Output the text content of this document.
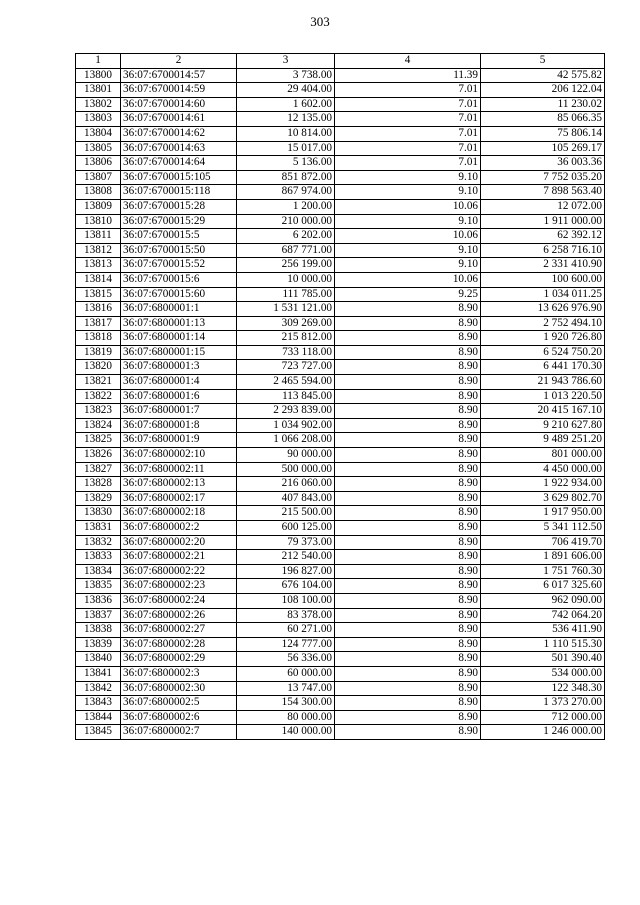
303
1	2	3	4	5
13800	36:07:6700014:57	3 738.00	11.39	42 575.82
13801	36:07:6700014:59	29 404.00	7.01	206 122.04
13802	36:07:6700014:60	1 602.00	7.01	11 230.02
13803	36:07:6700014:61	12 135.00	7.01	85 066.35
13804	36:07:6700014:62	10 814.00	7.01	75 806.14
13805	36:07:6700014:63	15 017.00	7.01	105 269.17
13806	36:07:6700014:64	5 136.00	7.01	36 003.36
13807	36:07:6700015:105	851 872.00	9.10	7 752 035.20
13808	36:07:6700015:118	867 974.00	9.10	7 898 563.40
13809	36:07:6700015:28	1 200.00	10.06	12 072.00
13810	36:07:6700015:29	210 000.00	9.10	1 911 000.00
13811	36:07:6700015:5	6 202.00	10.06	62 392.12
13812	36:07:6700015:50	687 771.00	9.10	6 258 716.10
13813	36:07:6700015:52	256 199.00	9.10	2 331 410.90
13814	36:07:6700015:6	10 000.00	10.06	100 600.00
13815	36:07:6700015:60	111 785.00	9.25	1 034 011.25
13816	36:07:6800001:1	1 531 121.00	8.90	13 626 976.90
13817	36:07:6800001:13	309 269.00	8.90	2 752 494.10
13818	36:07:6800001:14	215 812.00	8.90	1 920 726.80
13819	36:07:6800001:15	733 118.00	8.90	6 524 750.20
13820	36:07:6800001:3	723 727.00	8.90	6 441 170.30
13821	36:07:6800001:4	2 465 594.00	8.90	21 943 786.60
13822	36:07:6800001:6	113 845.00	8.90	1 013 220.50
13823	36:07:6800001:7	2 293 839.00	8.90	20 415 167.10
13824	36:07:6800001:8	1 034 902.00	8.90	9 210 627.80
13825	36:07:6800001:9	1 066 208.00	8.90	9 489 251.20
13826	36:07:6800002:10	90 000.00	8.90	801 000.00
13827	36:07:6800002:11	500 000.00	8.90	4 450 000.00
13828	36:07:6800002:13	216 060.00	8.90	1 922 934.00
13829	36:07:6800002:17	407 843.00	8.90	3 629 802.70
13830	36:07:6800002:18	215 500.00	8.90	1 917 950.00
13831	36:07:6800002:2	600 125.00	8.90	5 341 112.50
13832	36:07:6800002:20	79 373.00	8.90	706 419.70
13833	36:07:6800002:21	212 540.00	8.90	1 891 606.00
13834	36:07:6800002:22	196 827.00	8.90	1 751 760.30
13835	36:07:6800002:23	676 104.00	8.90	6 017 325.60
13836	36:07:6800002:24	108 100.00	8.90	962 090.00
13837	36:07:6800002:26	83 378.00	8.90	742 064.20
13838	36:07:6800002:27	60 271.00	8.90	536 411.90
13839	36:07:6800002:28	124 777.00	8.90	1 110 515.30
13840	36:07:6800002:29	56 336.00	8.90	501 390.40
13841	36:07:6800002:3	60 000.00	8.90	534 000.00
13842	36:07:6800002:30	13 747.00	8.90	122 348.30
13843	36:07:6800002:5	154 300.00	8.90	1 373 270.00
13844	36:07:6800002:6	80 000.00	8.90	712 000.00
13845	36:07:6800002:7	140 000.00	8.90	1 246 000.00
